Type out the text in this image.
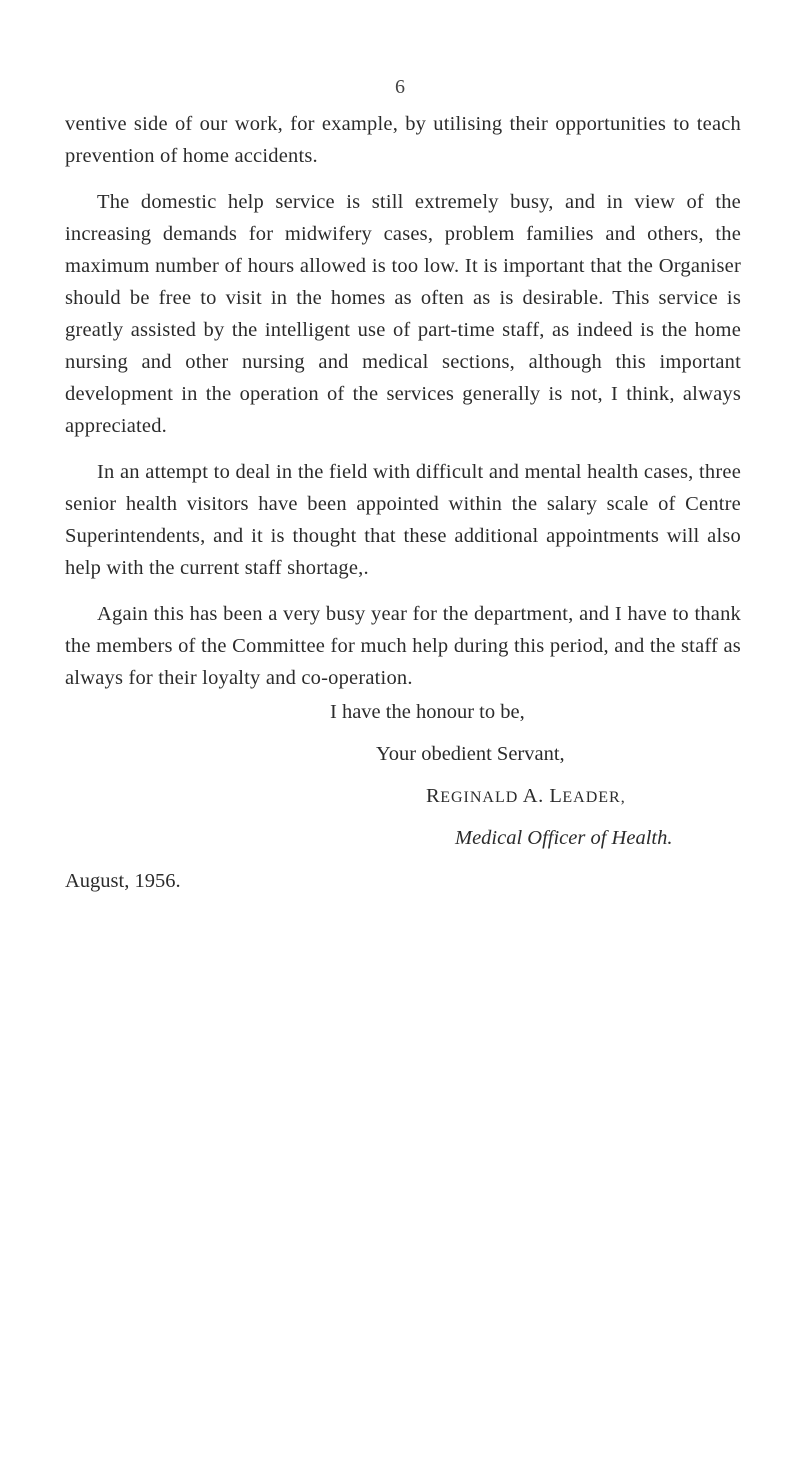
6

ventive side of our work, for example, by utilising their opportunities to teach prevention of home accidents.

The domestic help service is still extremely busy, and in view of the increasing demands for midwifery cases, problem families and others, the maximum number of hours allowed is too low. It is important that the Organiser should be free to visit in the homes as often as is desirable. This service is greatly assisted by the intelligent use of part-time staff, as indeed is the home nursing and other nursing and medical sections, although this important development in the operation of the services generally is not, I think, always appreciated.

In an attempt to deal in the field with difficult and mental health cases, three senior health visitors have been appointed within the salary scale of Centre Superintendents, and it is thought that these additional appointments will also help with the current staff shortage,.

Again this has been a very busy year for the department, and I have to thank the members of the Committee for much help during this period, and the staff as always for their loyalty and co-operation.

I have the honour to be,
Your obedient Servant,
REGINALD A. LEADER,
Medical Officer of Health.
August, 1956.
